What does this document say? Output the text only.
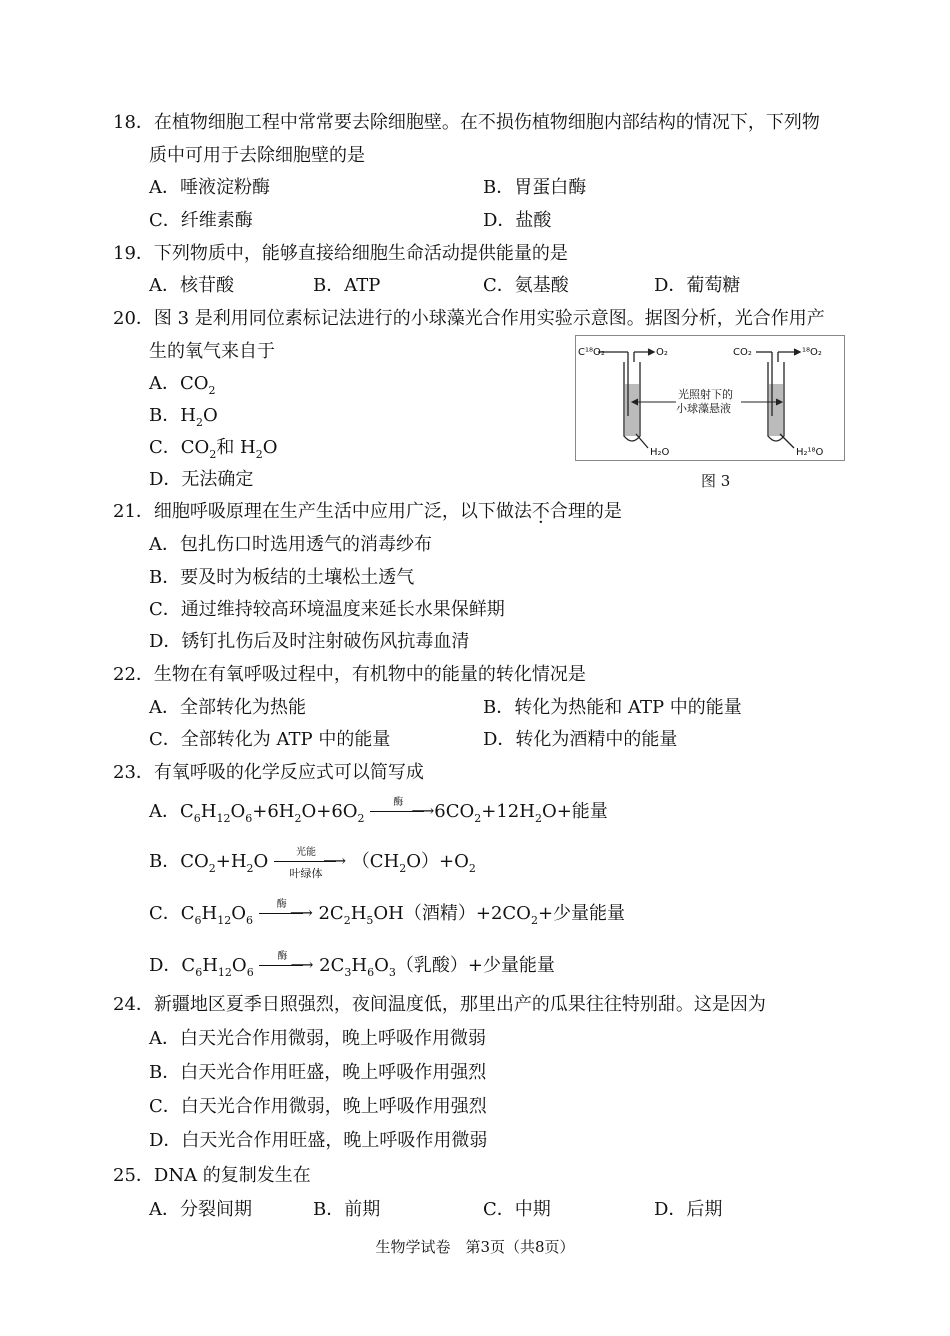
18．在植物细胞工程中常常要去除细胞壁。在不损伤植物细胞内部结构的情况下，下列物
质中可用于去除细胞壁的是
A．唾液淀粉酶	B．胃蛋白酶
C．纤维素酶	D．盐酸
19．下列物质中，能够直接给细胞生命活动提供能量的是
A．核苷酸	B．ATP	C．氨基酸	D．葡萄糖
20．图 3 是利用同位素标记法进行的小球藻光合作用实验示意图。据图分析，光合作用产
生的氧气来自于
A．$CO_2$
B．$H_2O$
C．$CO_2$和 $H_2O$
D．无法确定
C¹⁸O₂	O₂
H₂O
CO₂	¹⁸O₂
H₂¹⁸O
光照射下的
小球藻悬液
图 3
21．细胞呼吸原理在生产生活中应用广泛，以下做法不合理的是
A．包扎伤口时选用透气的消毒纱布
B．要及时为板结的土壤松土透气
C．通过维持较高环境温度来延长水果保鲜期
D．锈钉扎伤后及时注射破伤风抗毒血清
22．生物在有氧呼吸过程中，有机物中的能量的转化情况是
A．全部转化为热能	B．转化为热能和 ATP 中的能量
C．全部转化为 ATP 中的能量	D．转化为酒精中的能量
23．有氧呼吸的化学反应式可以简写成
A．$C_6H_{12}O_6+6H_2O+6O_2$
酶 ⟶ $6CO_2+12H_2O+$能量
B．$CO_2+H_2O$	光能 ⟶
叶绿体
$(CH_2O)+O_2$
C．$C_6H_{12}O_6$
酶 ⟶ $2C_2H_5OH$（酒精）$+2CO_2+$少量能量
D．$C_6H_{12}O_6$
酶 ⟶ $2C_3H_6O_3$（乳酸）+少量能量
24．新疆地区夏季日照强烈，夜间温度低，那里出产的瓜果往往特别甜。这是因为
A．白天光合作用微弱，晚上呼吸作用微弱
B．白天光合作用旺盛，晚上呼吸作用强烈
C．白天光合作用微弱，晚上呼吸作用强烈
D．白天光合作用旺盛，晚上呼吸作用微弱
25．DNA 的复制发生在
A．分裂间期	B．前期	C．中期	D．后期
生物学试卷　第3页（共8页）
